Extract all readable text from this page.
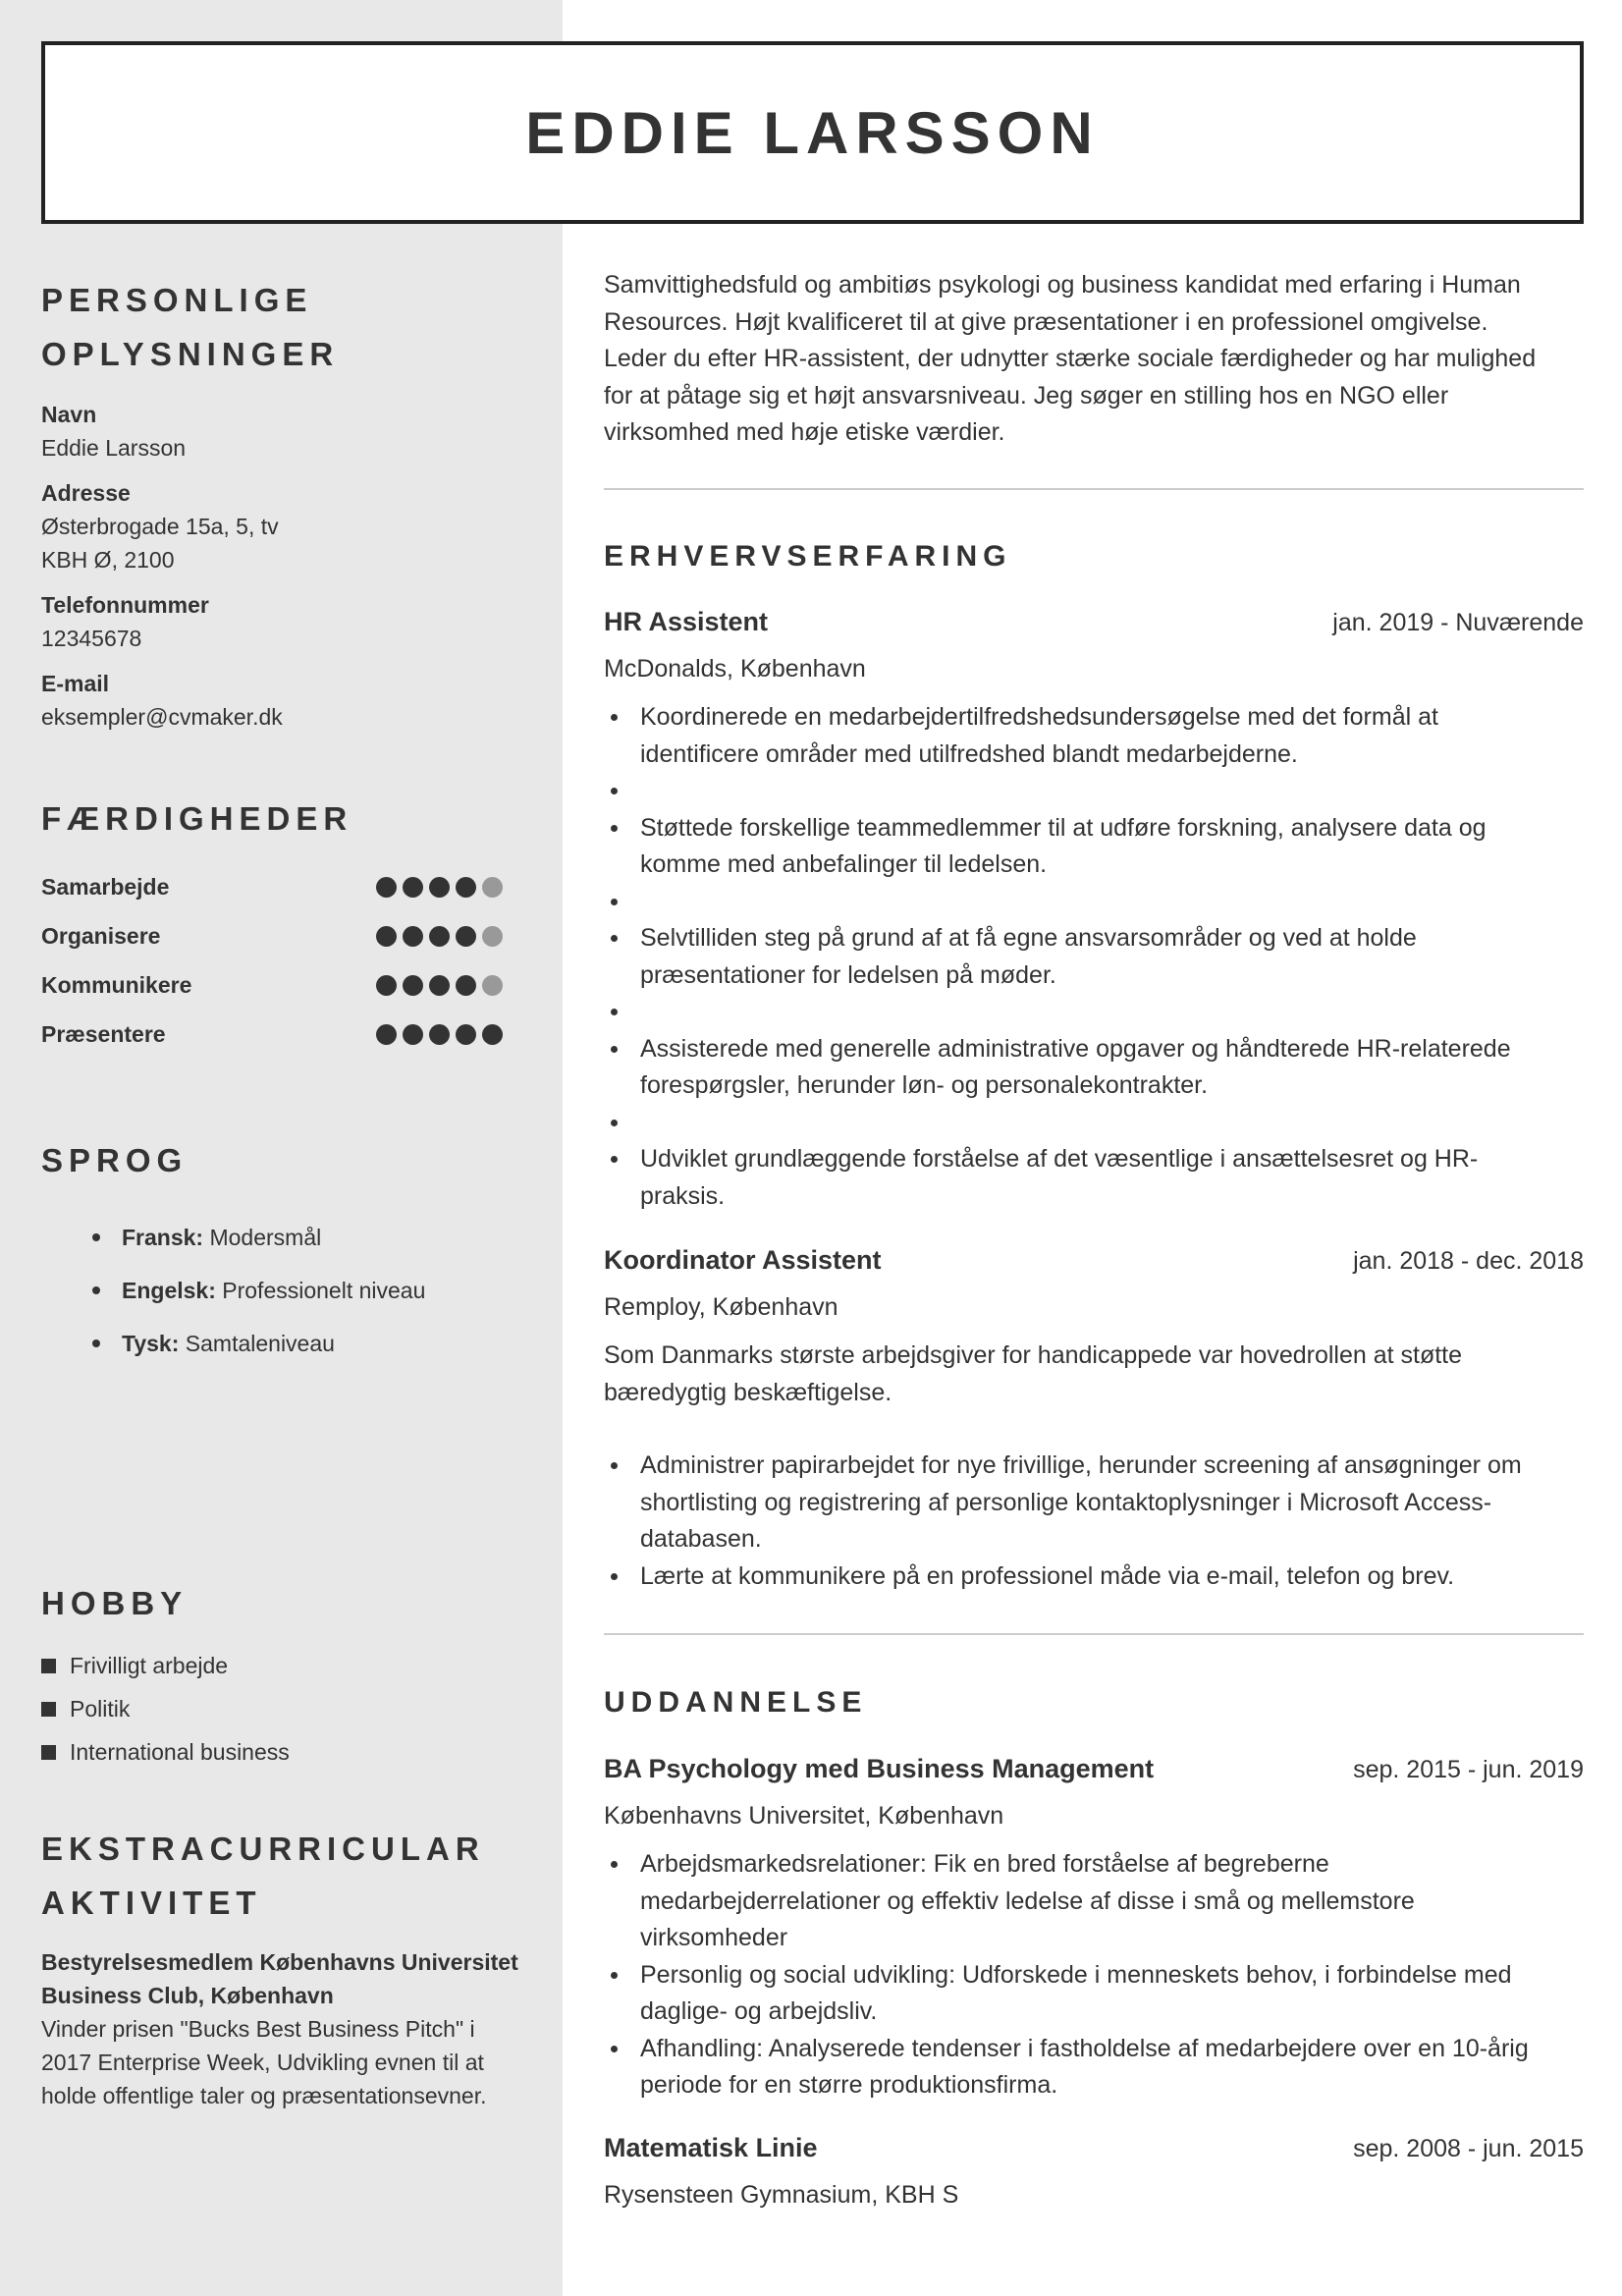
EDDIE LARSSON
PERSONLIGE
OPLYSNINGER
Navn
Eddie Larsson
Adresse
Østerbrogade 15a, 5, tv
KBH Ø, 2100
Telefonnummer
12345678
E-mail
eksempler@cvmaker.dk
FÆRDIGHEDER
Samarbejde
Organisere
Kommunikere
Præsentere
SPROG
Fransk: Modersmål
Engelsk: Professionelt niveau
Tysk: Samtaleniveau
HOBBY
Frivilligt arbejde
Politik
International business
EKSTRACURRICULAR
AKTIVITET
Bestyrelsesmedlem Københavns Universitet
Business Club, København
Vinder prisen "Bucks Best Business Pitch" i
2017 Enterprise Week, Udvikling evnen til at
holde offentlige taler og præsentationsevner.
Samvittighedsfuld og ambitiøs psykologi og business kandidat med erfaring i Human
Resources. Højt kvalificeret til at give præsentationer i en professionel omgivelse.
Leder du efter HR-assistent, der udnytter stærke sociale færdigheder og har mulighed
for at påtage sig et højt ansvarsniveau. Jeg søger en stilling hos en NGO eller
virksomhed med høje etiske værdier.
ERHVERVSERFARING
HR Assistent	jan. 2019 - Nuværende
McDonalds, København
Koordinerede en medarbejdertilfredshedsundersøgelse med det formål at
identificere områder med utilfredshed blandt medarbejderne.
Støttede forskellige teammedlemmer til at udføre forskning, analysere data og
komme med anbefalinger til ledelsen.
Selvtilliden steg på grund af at få egne ansvarsområder og ved at holde
præsentationer for ledelsen på møder.
Assisterede med generelle administrative opgaver og håndterede HR-relaterede
forespørgsler, herunder løn- og personalekontrakter.
Udviklet grundlæggende forståelse af det væsentlige i ansættelsesret og HR-
praksis.
Koordinator Assistent	jan. 2018 - dec. 2018
Remploy, København
Som Danmarks største arbejdsgiver for handicappede var hovedrollen at støtte
bæredygtig beskæftigelse.
Administrer papirarbejdet for nye frivillige, herunder screening af ansøgninger om
shortlisting og registrering af personlige kontaktoplysninger i Microsoft Access-
databasen.
Lærte at kommunikere på en professionel måde via e-mail, telefon og brev.
UDDANNELSE
BA Psychology med Business Management	sep. 2015 - jun. 2019
Københavns Universitet, København
Arbejdsmarkedsrelationer: Fik en bred forståelse af begreberne
medarbejderrelationer og effektiv ledelse af disse i små og mellemstore
virksomheder
Personlig og social udvikling: Udforskede i menneskets behov, i forbindelse med
daglige- og arbejdsliv.
Afhandling: Analyserede tendenser i fastholdelse af medarbejdere over en 10-årig
periode for en større produktionsfirma.
Matematisk Linie	sep. 2008 - jun. 2015
Rysensteen Gymnasium, KBH S
